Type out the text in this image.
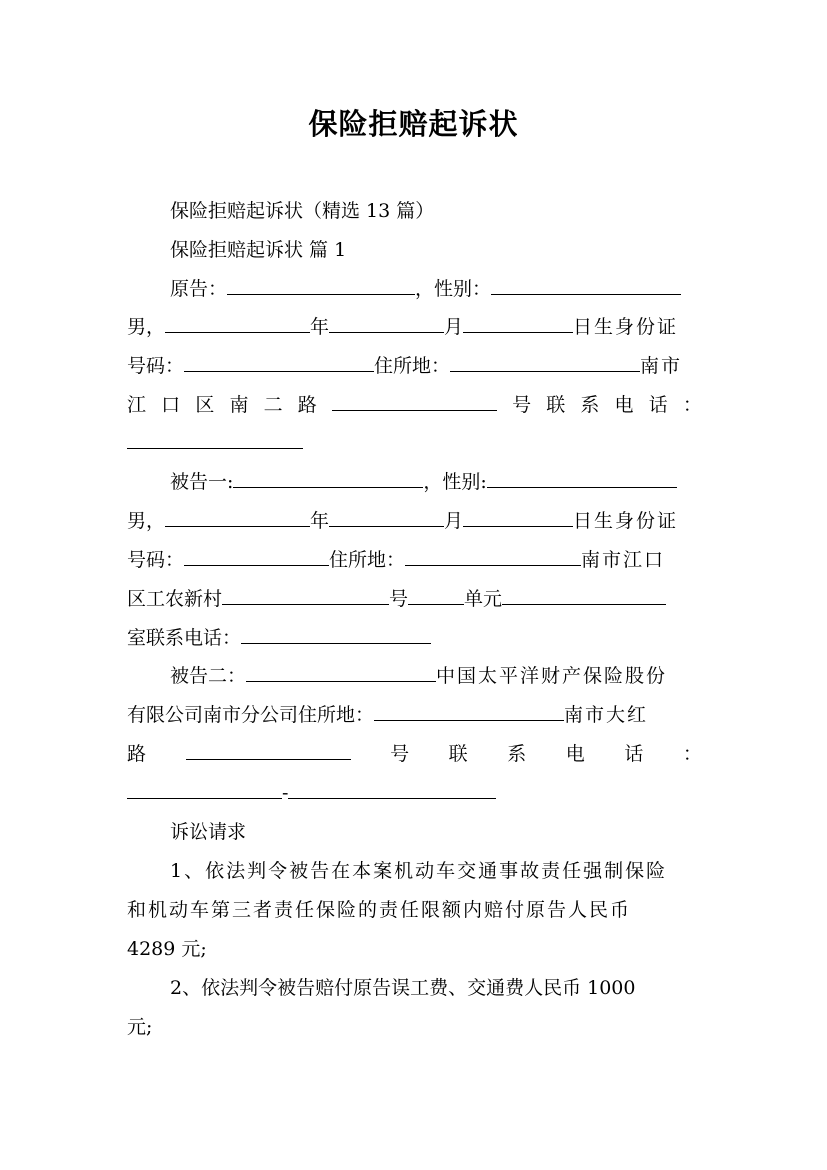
保险拒赔起诉状
保险拒赔起诉状（精选 13 篇）
保险拒赔起诉状 篇 1
原告：	，性别：
男，	年	月	日生身份证
号码：	住所地：	南市
江 口 区 南 二 路	号 联 系 电 话 ：
被告一:	，性别:
男，	年	月	日生身份证
号码：	住所地：	南市江口
区工农新村	号	单元
室联系电话：
被告二：	中国太平洋财产保险股份
有限公司南市分公司住所地：	南市大红
路	号 联 系 电 话 ：
-
诉讼请求
1、依法判令被告在本案机动车交通事故责任强制保险
和机动车第三者责任保险的责任限额内赔付原告人民币
4289 元;
2、依法判令被告赔付原告误工费、交通费人民币 1000
元;
